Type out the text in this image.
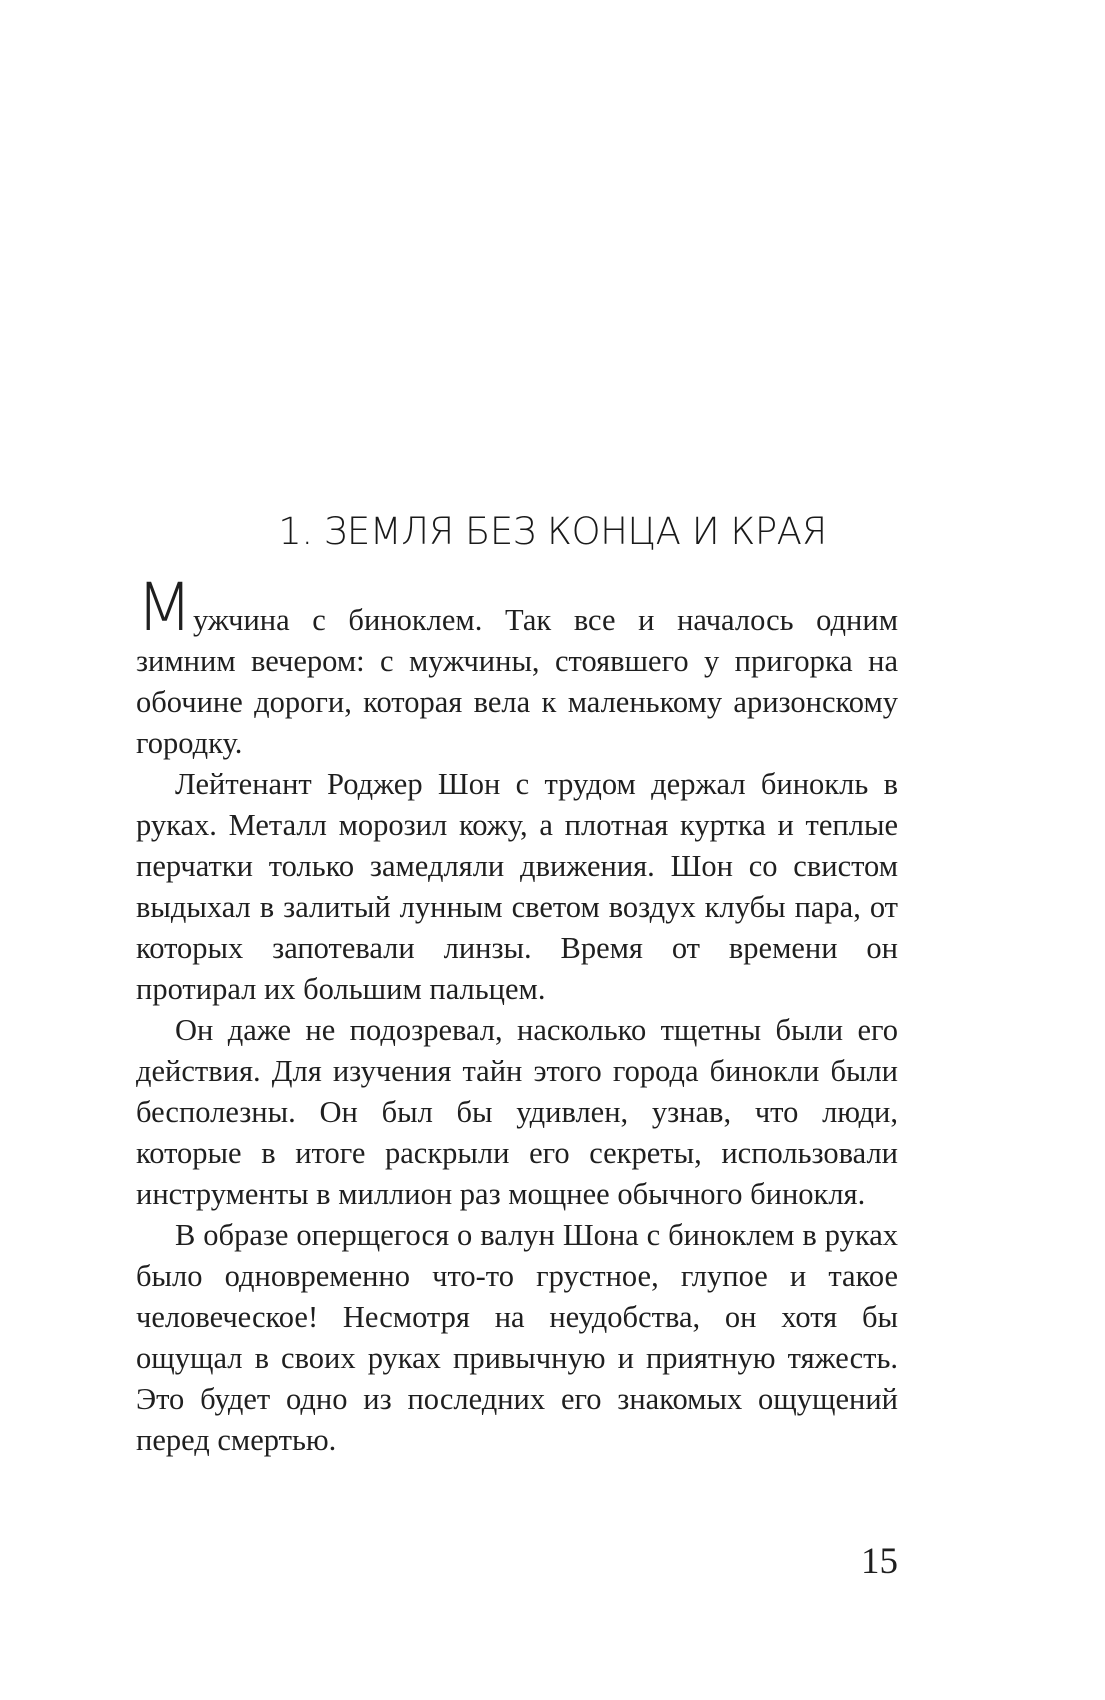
1. ЗЕМЛЯ БЕЗ КОНЦА И КРАЯ

Мужчина с биноклем. Так все и началось одним зимним вечером: с мужчины, стоявшего у пригорка на обочине дороги, которая вела к маленькому аризонскому городку.

Лейтенант Роджер Шон с трудом держал бинокль в руках. Металл морозил кожу, а плотная куртка и теплые перчатки только замедляли движения. Шон со свистом выдыхал в залитый лунным светом воздух клубы пара, от которых запотевали линзы. Время от времени он протирал их большим пальцем.

Он даже не подозревал, насколько тщетны были его действия. Для изучения тайн этого города бинокли были бесполезны. Он был бы удивлен, узнав, что люди, которые в итоге раскрыли его секреты, использовали инструменты в миллион раз мощнее обычного бинокля.

В образе оперщегося о валун Шона с биноклем в руках было одновременно что-то грустное, глупое и такое человеческое! Несмотря на неудобства, он хотя бы ощущал в своих руках привычную и приятную тяжесть. Это будет одно из последних его знакомых ощущений перед смертью.

15
